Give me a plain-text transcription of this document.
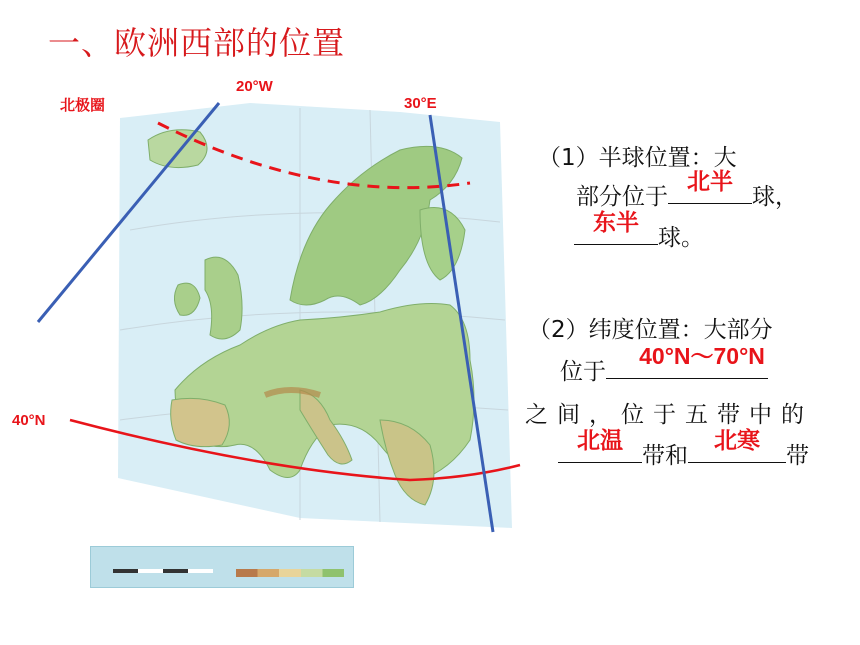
一、欧洲西部的位置
北极圈
20°W
30°E
40°N
（1）半球位置：大
部分位于
北半
球，
东半
球。
（2）纬度位置：大部分
位于
40°N～70°N
之间，位于五带中的
北温
带和
北寒
带
